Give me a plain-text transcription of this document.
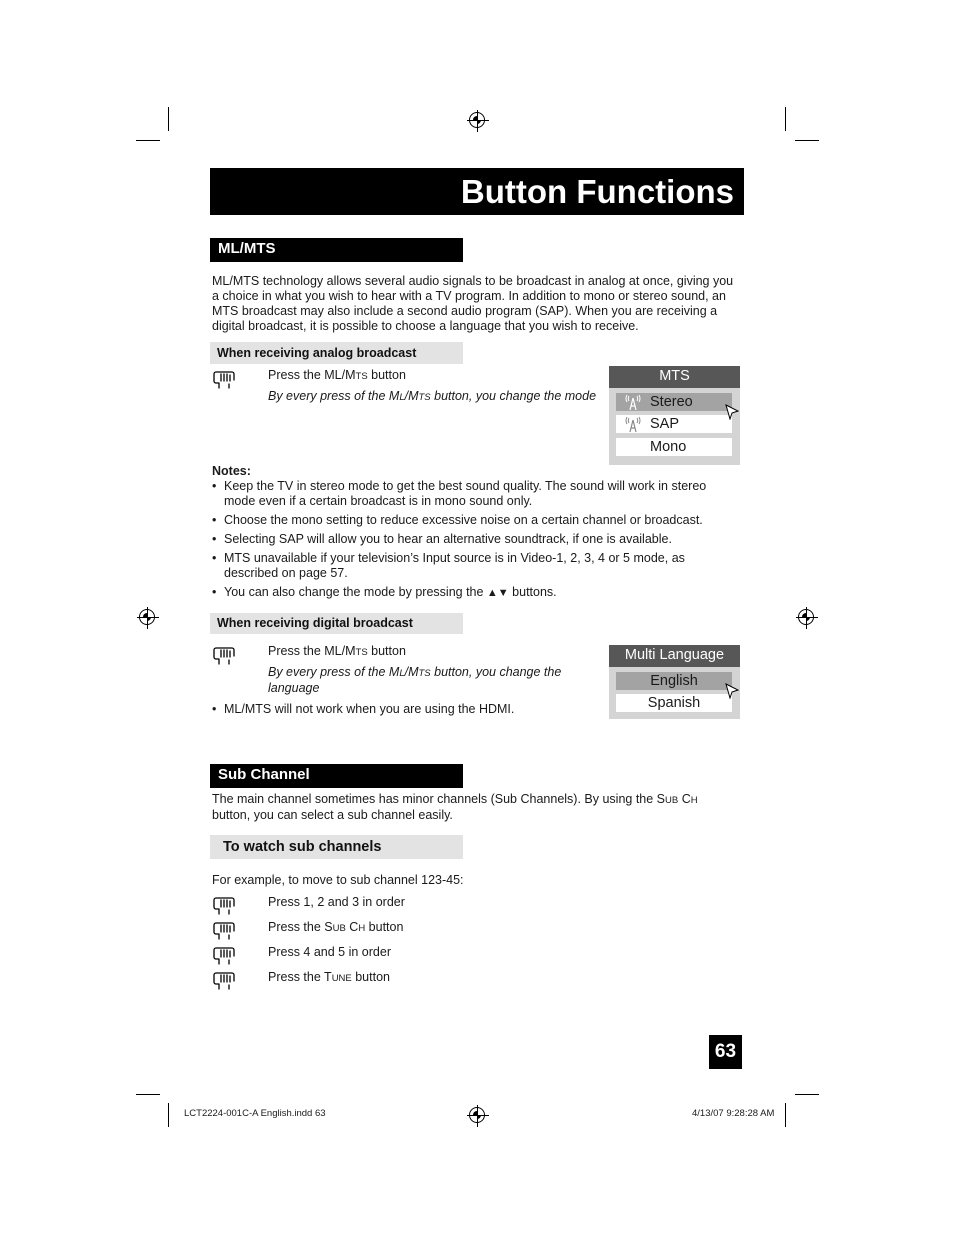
Button Functions
ML/MTS
ML/MTS technology allows several audio signals to be broadcast in analog at once, giving you
a choice in what you wish to hear with a TV program. In addition to mono or stereo sound, an
MTS broadcast may also include a second audio program (SAP). When you are receiving a
digital broadcast, it is possible to choose a language that you wish to receive.
When receiving analog broadcast
Press the ML/MTS button
By every press of the ML/MTS button, you change the mode
MTS
Stereo
SAP
Mono
Notes:
• Keep the TV in stereo mode to get the best sound quality. The sound will work in stereo mode even if a certain broadcast is in mono sound only.
• Choose the mono setting to reduce excessive noise on a certain channel or broadcast.
• Selecting SAP will allow you to hear an alternative soundtrack, if one is available.
• MTS unavailable if your television’s Input source is in Video-1, 2, 3, 4 or 5 mode, as described on page 57.
• You can also change the mode by pressing the ▲▼ buttons.
When receiving digital broadcast
Press the ML/MTS button
By every press of the ML/MTS button, you change the
language
• ML/MTS will not work when you are using the HDMI.
Multi Language
English
Spanish
Sub Channel
The main channel sometimes has minor channels (Sub Channels). By using the SUB CH
button, you can select a sub channel easily.
To watch sub channels
For example, to move to sub channel 123-45:
Press 1, 2 and 3 in order
Press the SUB CH button
Press 4 and 5 in order
Press the TUNE button
63
LCT2224-001C-A English.indd 63	4/13/07 9:28:28 AM
